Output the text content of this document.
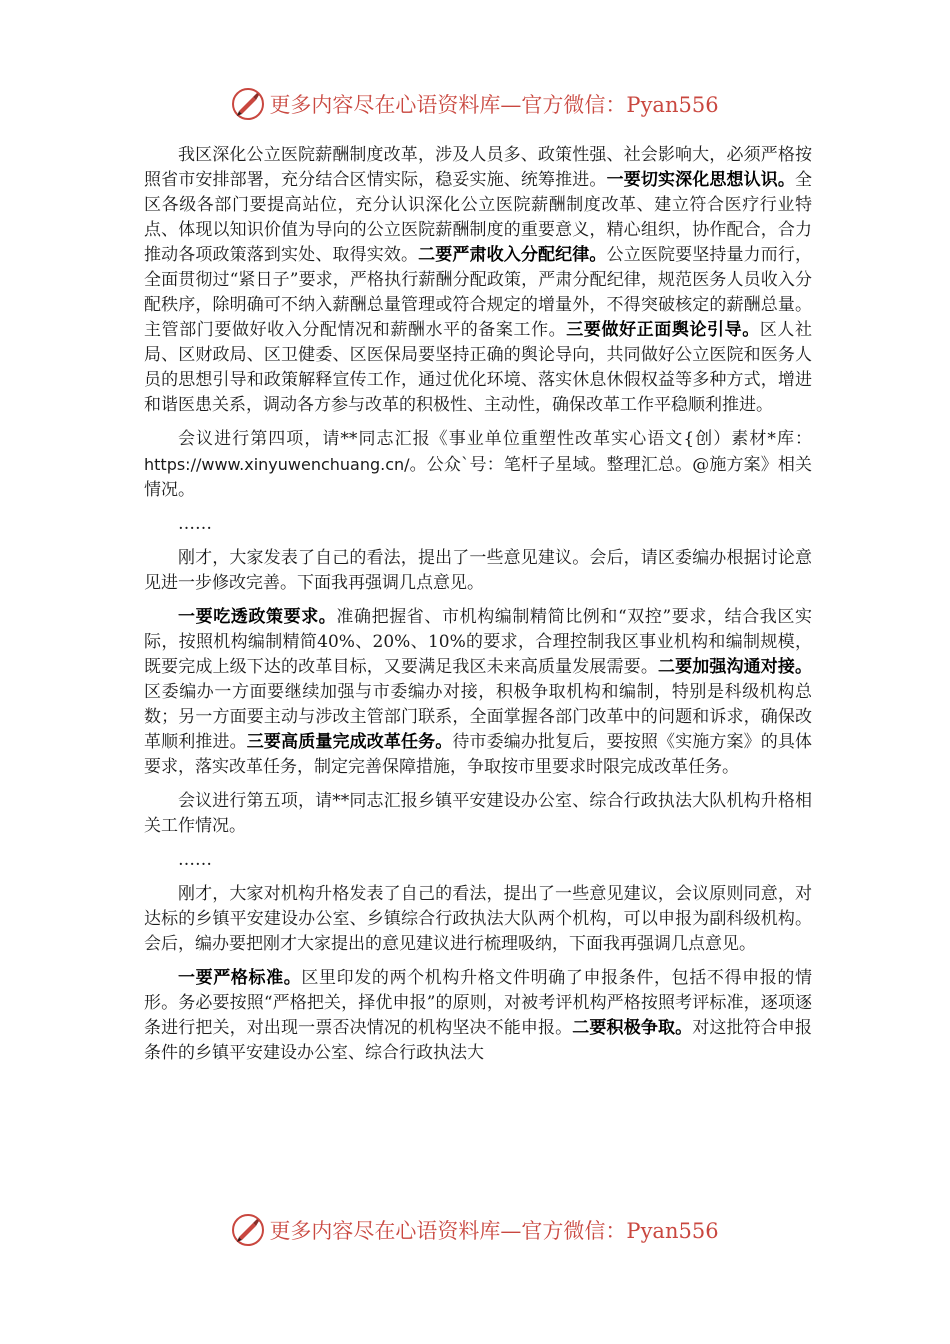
更多内容尽在心语资料库—官方微信：Pyan556

我区深化公立医院薪酬制度改革，涉及人员多、政策性强、社会影响大，必须严格按照省市安排部署，充分结合区情实际，稳妥实施、统筹推进。一要切实深化思想认识。全区各级各部门要提高站位，充分认识深化公立医院薪酬制度改革、建立符合医疗行业特点、体现以知识价值为导向的公立医院薪酬制度的重要意义，精心组织，协作配合，合力推动各项政策落到实处、取得实效。二要严肃收入分配纪律。公立医院要坚持量力而行，全面贯彻过“紧日子”要求，严格执行薪酬分配政策，严肃分配纪律，规范医务人员收入分配秩序，除明确可不纳入薪酬总量管理或符合规定的增量外，不得突破核定的薪酬总量。主管部门要做好收入分配情况和薪酬水平的备案工作。三要做好正面舆论引导。区人社局、区财政局、区卫健委、区医保局要坚持正确的舆论导向，共同做好公立医院和医务人员的思想引导和政策解释宣传工作，通过优化环境、落实休息休假权益等多种方式，增进和谐医患关系，调动各方参与改革的积极性、主动性，确保改革工作平稳顺利推进。

会议进行第四项，请**同志汇报《事业单位重塑性改革实心语文{创）素材*库：https://www.xinyuwenchuang.cn/。公众`号：笔杆子星域。整理汇总。@施方案》相关情况。

……

刚才，大家发表了自己的看法，提出了一些意见建议。会后，请区委编办根据讨论意见进一步修改完善。下面我再强调几点意见。

一要吃透政策要求。准确把握省、市机构编制精简比例和“双控”要求，结合我区实际，按照机构编制精简40%、20%、10%的要求，合理控制我区事业机构和编制规模，既要完成上级下达的改革目标，又要满足我区未来高质量发展需要。二要加强沟通对接。区委编办一方面要继续加强与市委编办对接，积极争取机构和编制，特别是科级机构总数；另一方面要主动与涉改主管部门联系，全面掌握各部门改革中的问题和诉求，确保改革顺利推进。三要高质量完成改革任务。待市委编办批复后，要按照《实施方案》的具体要求，落实改革任务，制定完善保障措施，争取按市里要求时限完成改革任务。

会议进行第五项，请**同志汇报乡镇平安建设办公室、综合行政执法大队机构升格相关工作情况。

……

刚才，大家对机构升格发表了自己的看法，提出了一些意见建议，会议原则同意，对达标的乡镇平安建设办公室、乡镇综合行政执法大队两个机构，可以申报为副科级机构。会后，编办要把刚才大家提出的意见建议进行梳理吸纳，下面我再强调几点意见。

一要严格标准。区里印发的两个机构升格文件明确了申报条件，包括不得申报的情形。务必要按照“严格把关，择优申报”的原则，对被考评机构严格按照考评标准，逐项逐条进行把关，对出现一票否决情况的机构坚决不能申报。二要积极争取。对这批符合申报条件的乡镇平安建设办公室、综合行政执法大

更多内容尽在心语资料库—官方微信：Pyan556
